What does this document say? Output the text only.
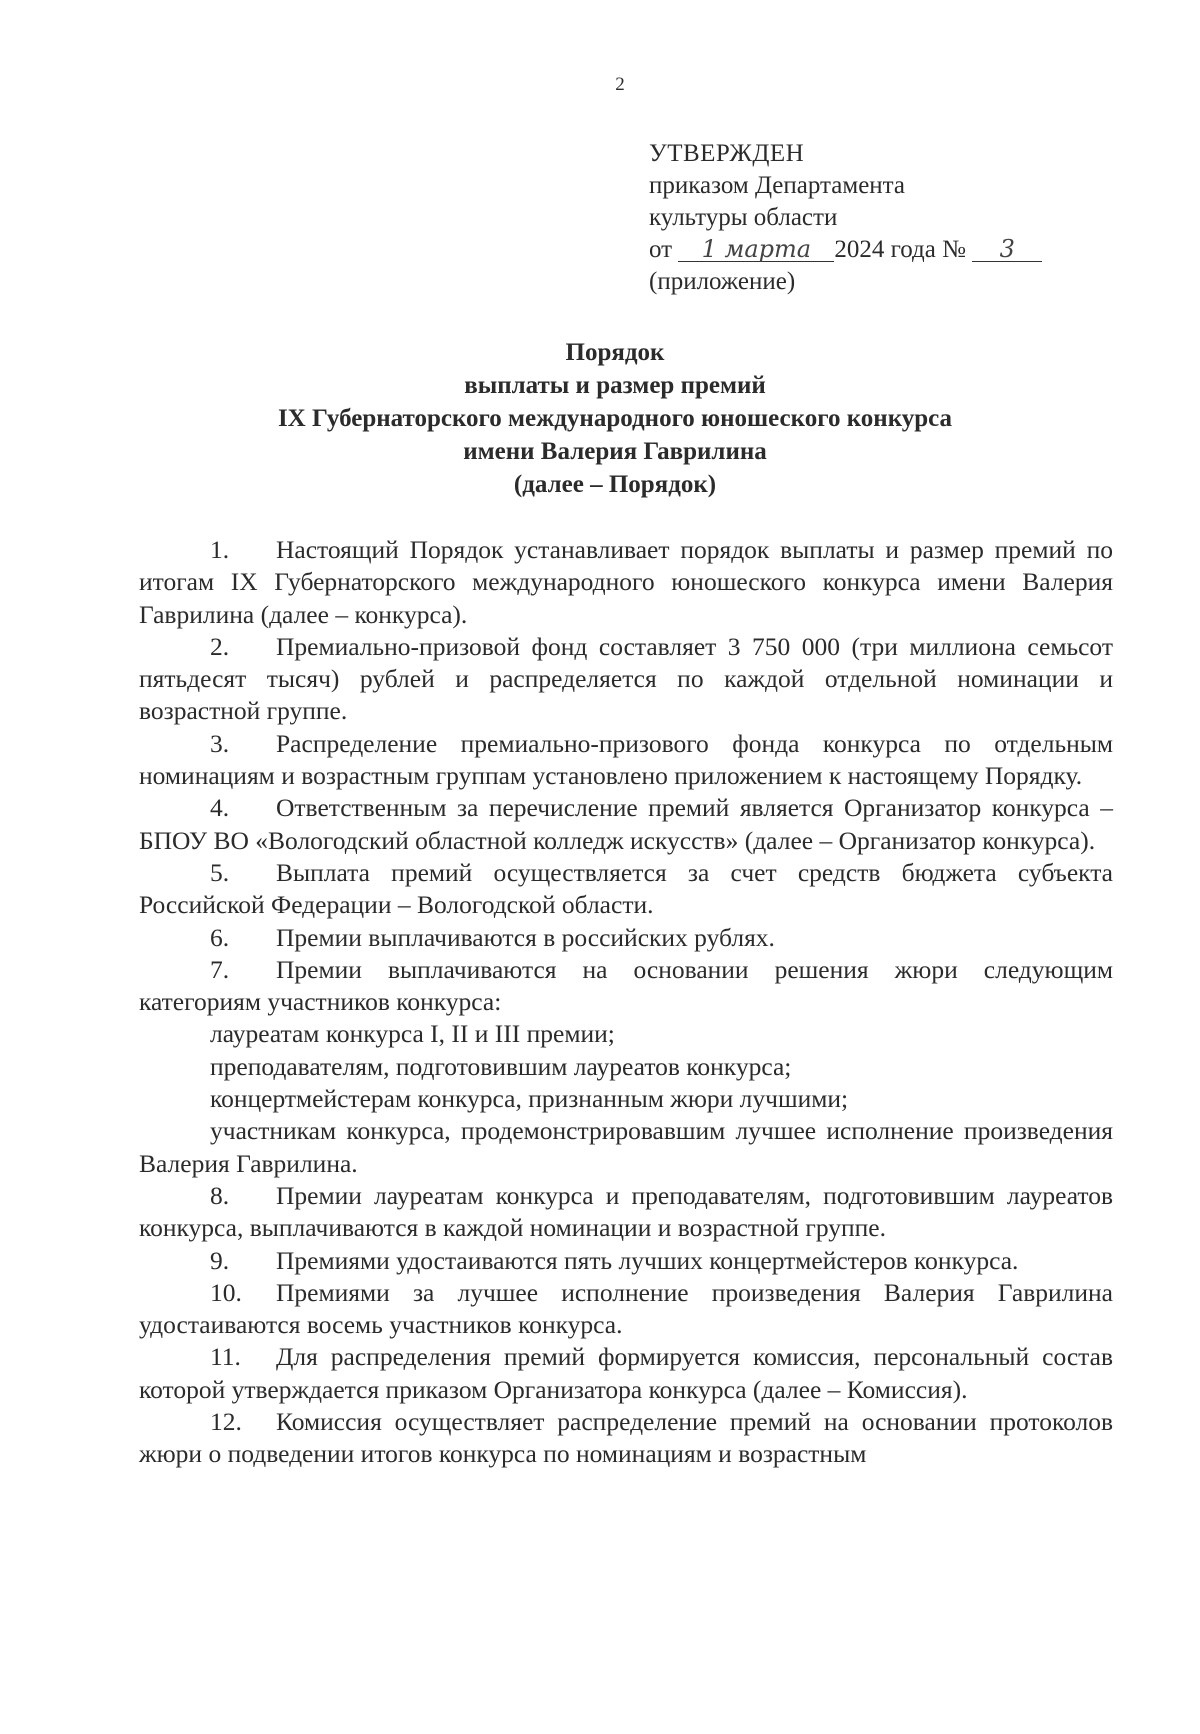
2
УТВЕРЖДЕН
приказом Департамента
культуры области
от 1 марта 2024 года № 3
(приложение)
Порядок
выплаты и размер премий
IX Губернаторского международного юношеского конкурса
имени Валерия Гаврилина
(далее – Порядок)

1. Настоящий Порядок устанавливает порядок выплаты и размер премий по итогам IX Губернаторского международного юношеского конкурса имени Валерия Гаврилина (далее – конкурса).

2. Премиально-призовой фонд составляет 3 750 000 (три миллиона семьсот пятьдесят тысяч) рублей и распределяется по каждой отдельной номинации и возрастной группе.

3. Распределение премиально-призового фонда конкурса по отдельным номинациям и возрастным группам установлено приложением к настоящему Порядку.

4. Ответственным за перечисление премий является Организатор конкурса – БПОУ ВО «Вологодский областной колледж искусств» (далее – Организатор конкурса).

5. Выплата премий осуществляется за счет средств бюджета субъекта Российской Федерации – Вологодской области.

6. Премии выплачиваются в российских рублях.

7. Премии выплачиваются на основании решения жюри следующим категориям участников конкурса:

лауреатам конкурса I, II и III премии;

преподавателям, подготовившим лауреатов конкурса;

концертмейстерам конкурса, признанным жюри лучшими;

участникам конкурса, продемонстрировавшим лучшее исполнение произведения Валерия Гаврилина.

8. Премии лауреатам конкурса и преподавателям, подготовившим лауреатов конкурса, выплачиваются в каждой номинации и возрастной группе.

9. Премиями удостаиваются пять лучших концертмейстеров конкурса.

10. Премиями за лучшее исполнение произведения Валерия Гаврилина удостаиваются восемь участников конкурса.

11. Для распределения премий формируется комиссия, персональный состав которой утверждается приказом Организатора конкурса (далее – Комиссия).

12. Комиссия осуществляет распределение премий на основании протоколов жюри о подведении итогов конкурса по номинациям и возрастным
